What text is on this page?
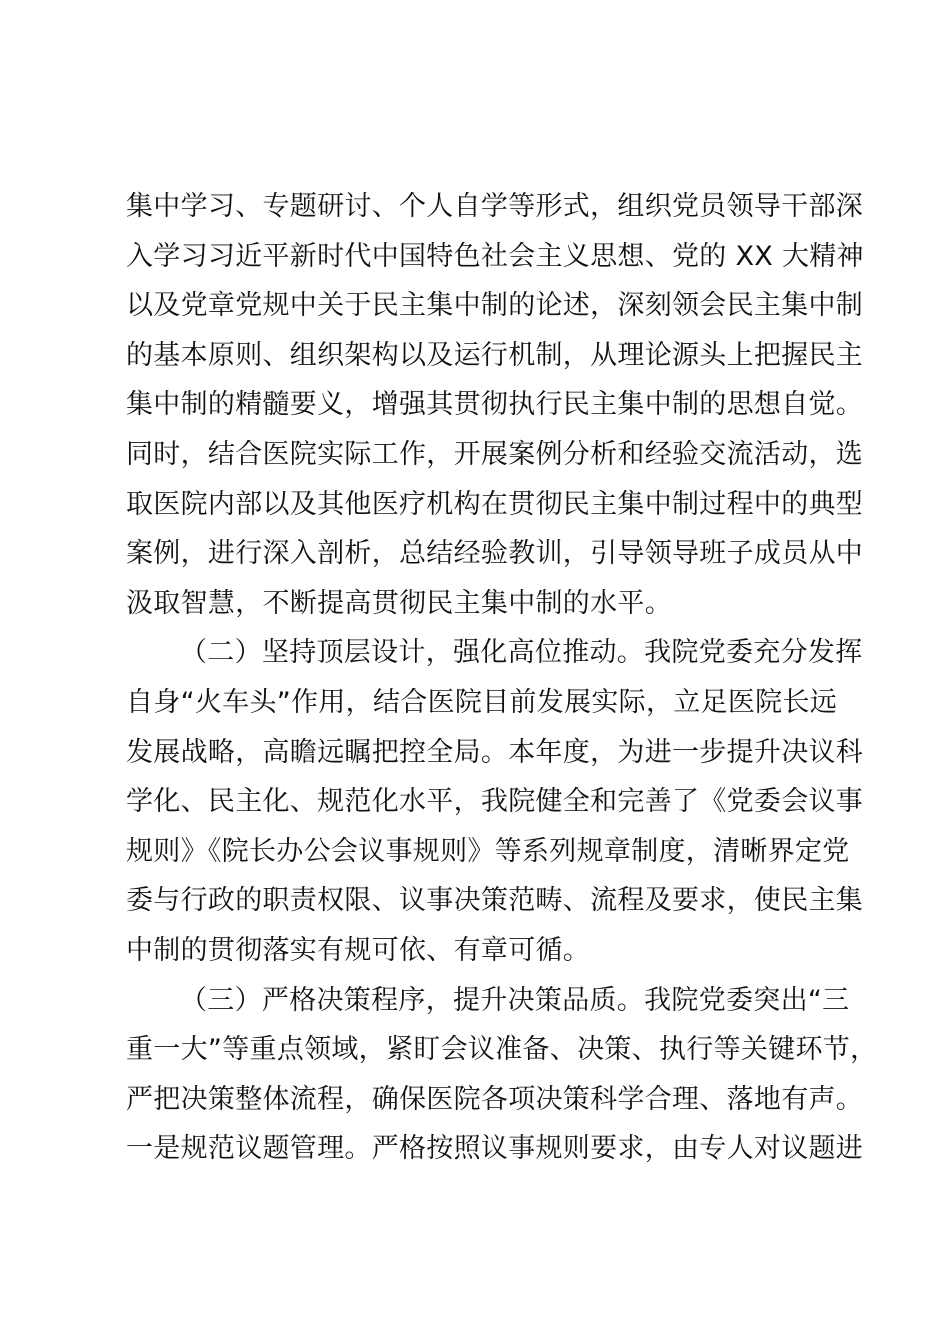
集中学习、专题研讨、个人自学等形式，组织党员领导干部深
入学习习近平新时代中国特色社会主义思想、党的 XX 大精神
以及党章党规中关于民主集中制的论述，深刻领会民主集中制
的基本原则、组织架构以及运行机制，从理论源头上把握民主
集中制的精髓要义，增强其贯彻执行民主集中制的思想自觉。
同时，结合医院实际工作，开展案例分析和经验交流活动，选
取医院内部以及其他医疗机构在贯彻民主集中制过程中的典型
案例，进行深入剖析，总结经验教训，引导领导班子成员从中
汲取智慧，不断提高贯彻民主集中制的水平。
（二）坚持顶层设计，强化高位推动。我院党委充分发挥
自身“火车头”作用，结合医院目前发展实际，立足医院长远
发展战略，高瞻远瞩把控全局。本年度，为进一步提升决议科
学化、民主化、规范化水平，我院健全和完善了《党委会议事
规则》《院长办公会议事规则》等系列规章制度，清晰界定党
委与行政的职责权限、议事决策范畴、流程及要求，使民主集
中制的贯彻落实有规可依、有章可循。
（三）严格决策程序，提升决策品质。我院党委突出“三
重一大”等重点领域，紧盯会议准备、决策、执行等关键环节，
严把决策整体流程，确保医院各项决策科学合理、落地有声。
一是规范议题管理。严格按照议事规则要求，由专人对议题进
